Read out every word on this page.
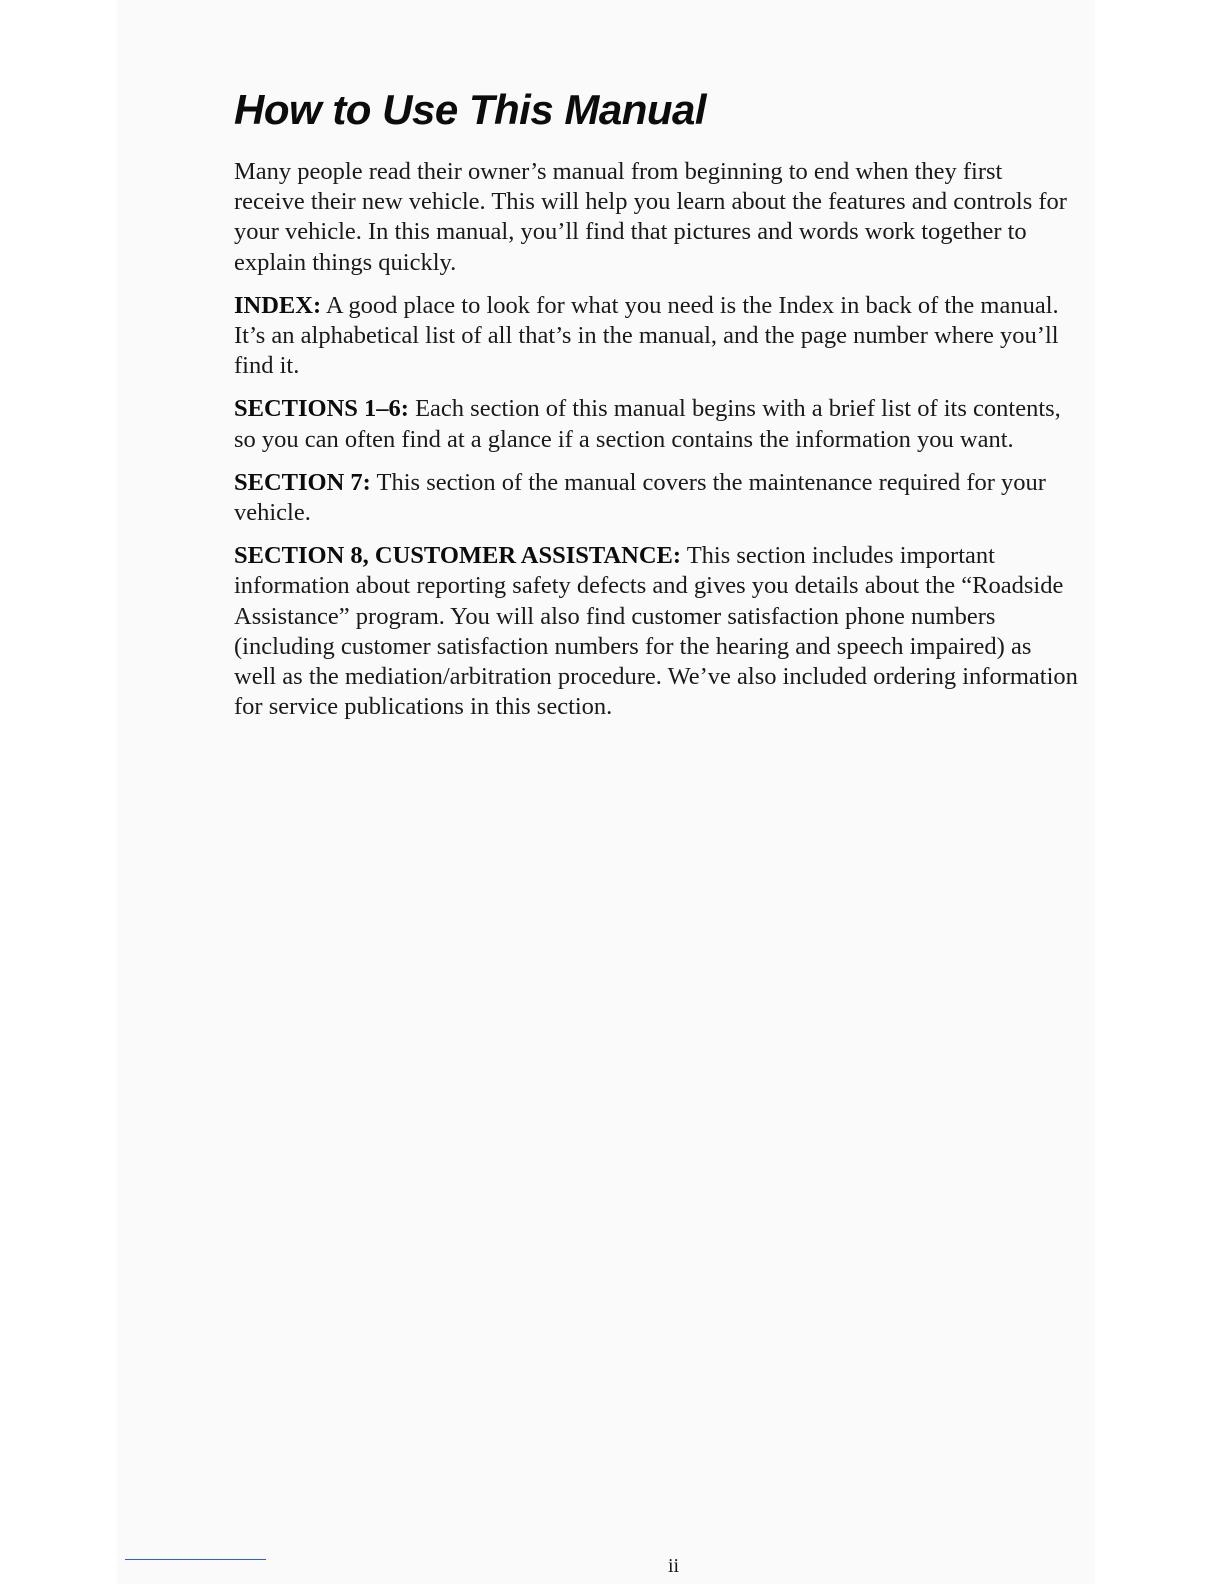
How to Use This Manual

Many people read their owner’s manual from beginning to end when they first receive their new vehicle. This will help you learn about the features and controls for your vehicle. In this manual, you’ll find that pictures and words work together to explain things quickly.

INDEX: A good place to look for what you need is the Index in back of the manual. It’s an alphabetical list of all that’s in the manual, and the page number where you’ll find it.

SECTIONS 1–6: Each section of this manual begins with a brief list of its contents, so you can often find at a glance if a section contains the information you want.

SECTION 7: This section of the manual covers the maintenance required for your vehicle.

SECTION 8, CUSTOMER ASSISTANCE: This section includes important information about reporting safety defects and gives you details about the “Roadside Assistance” program. You will also find customer satisfaction phone numbers (including customer satisfaction numbers for the hearing and speech impaired) as well as the mediation/arbitration procedure. We’ve also included ordering information for service publications in this section.

ii
